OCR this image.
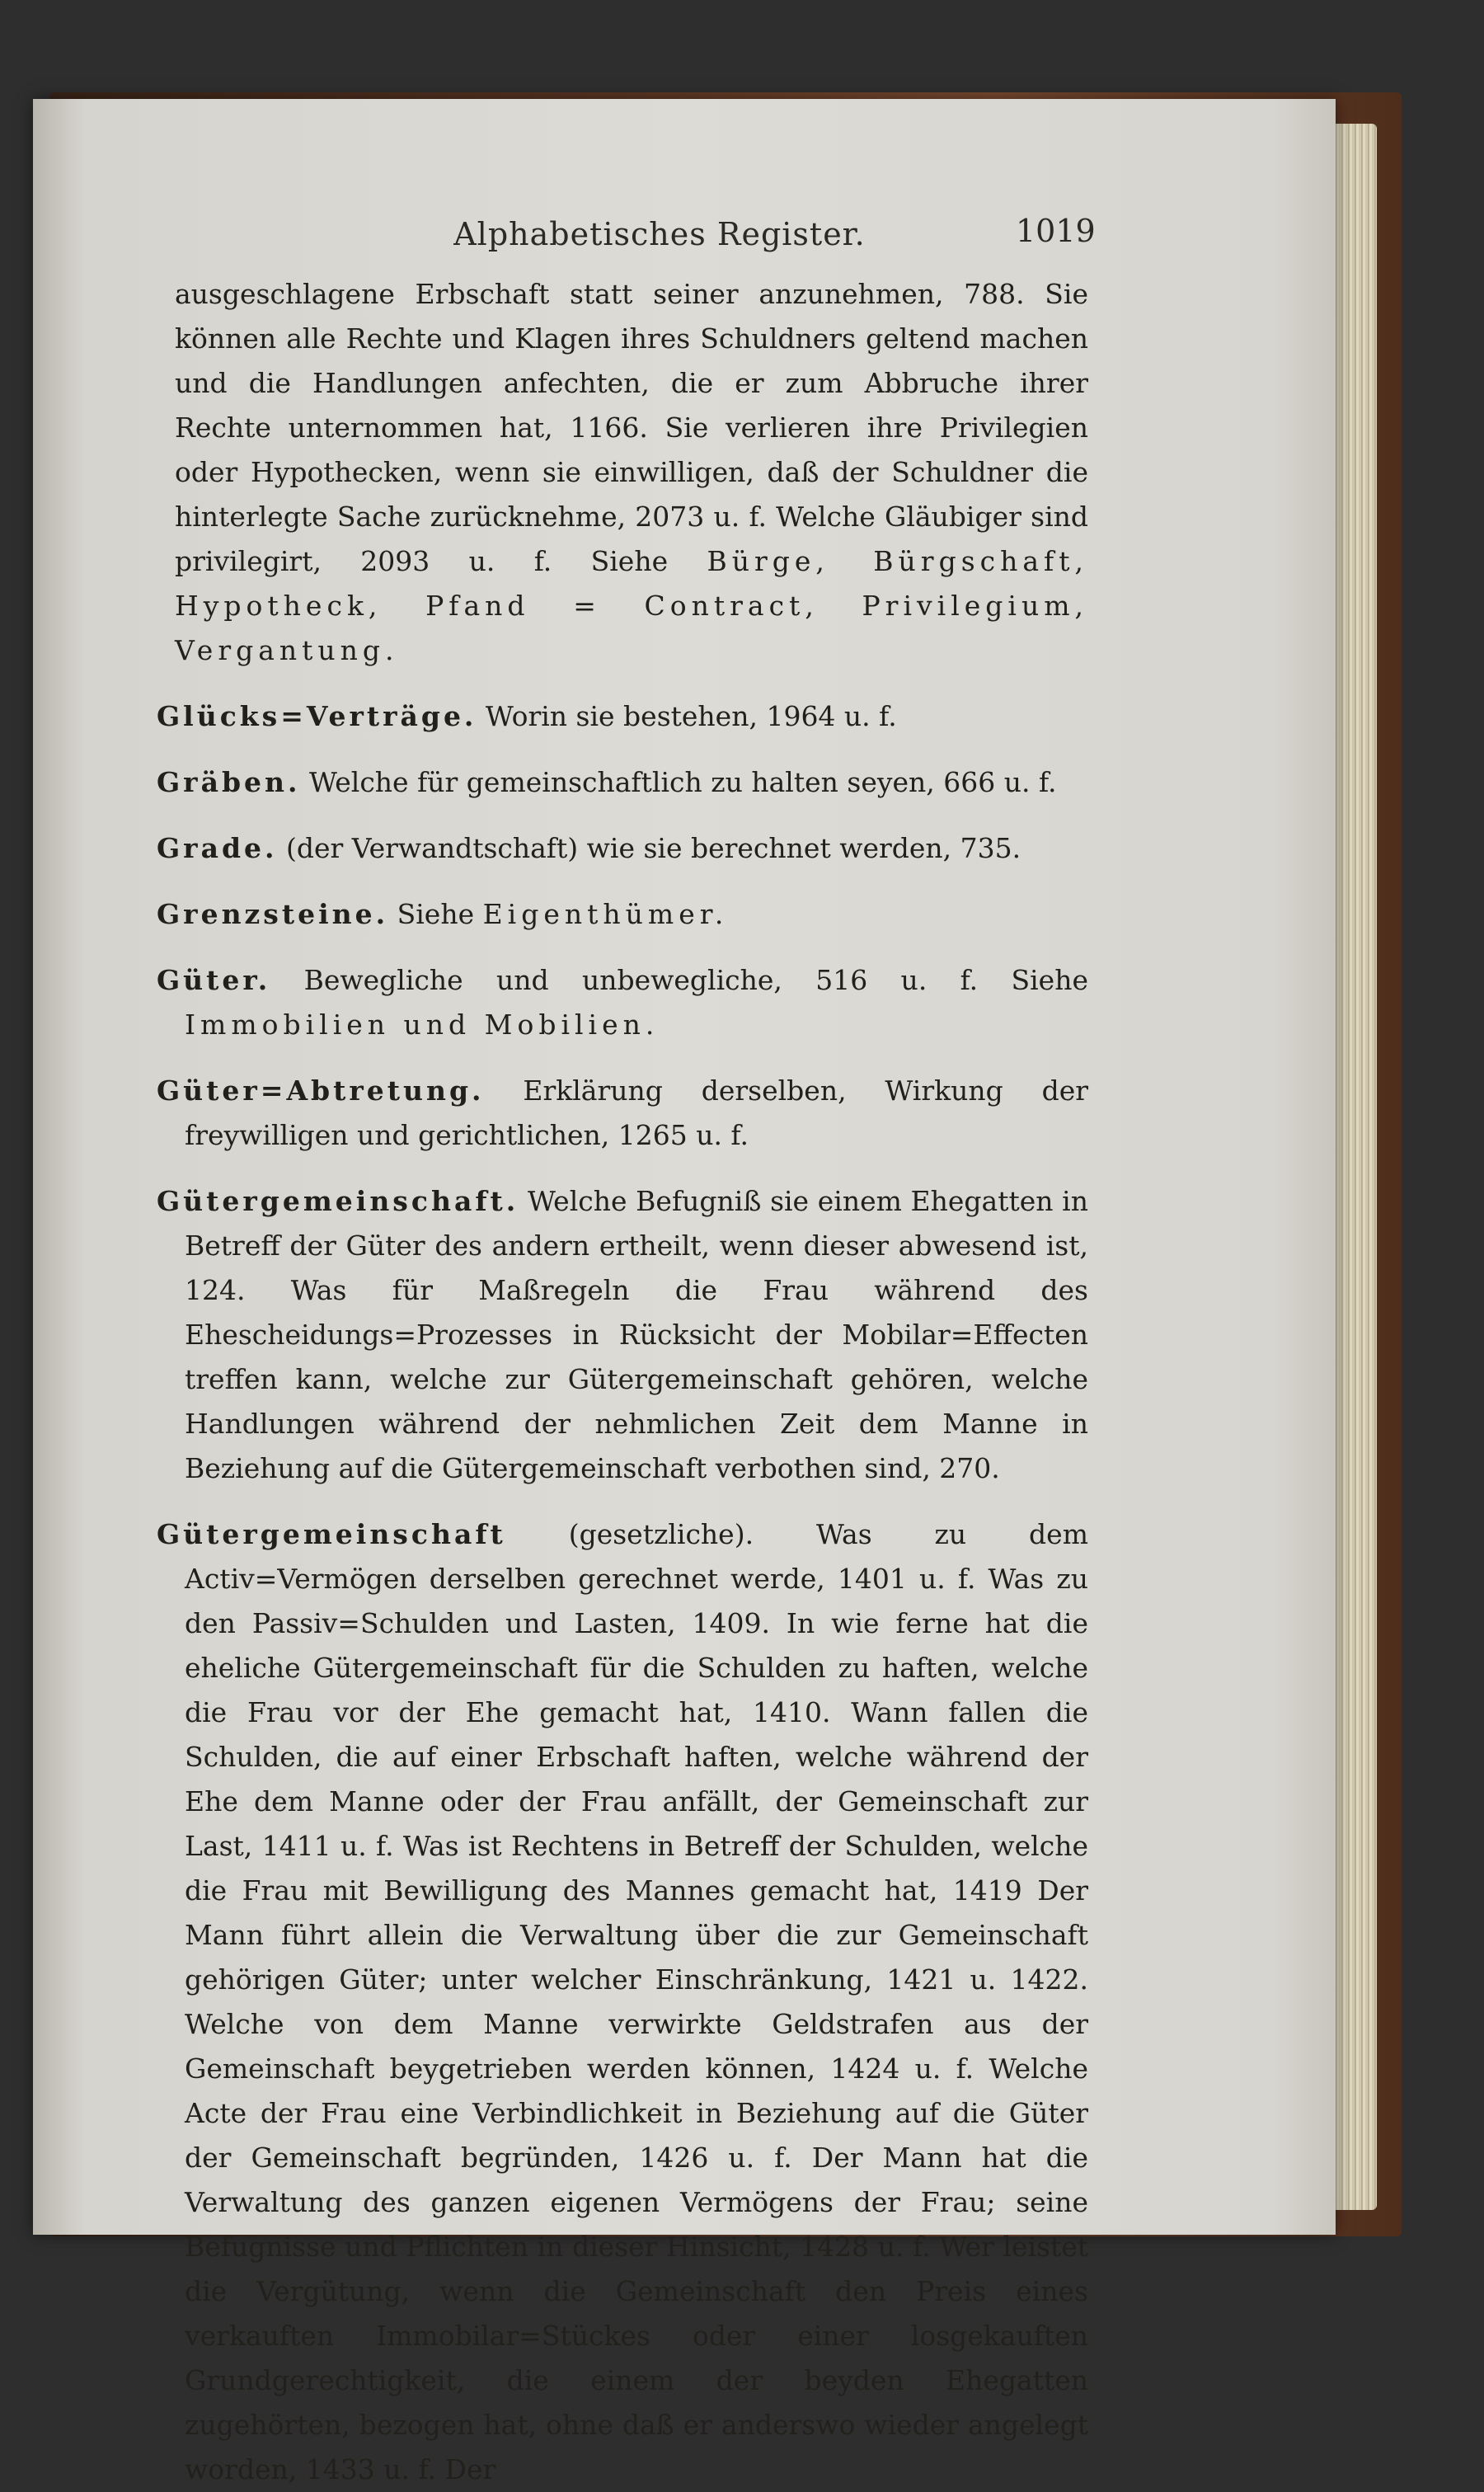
Alphabetisches Register.	1019

ausgeschlagene Erbschaft statt seiner anzunehmen, 788. Sie können alle Rechte und Klagen ihres Schuldners geltend machen und die Handlungen anfechten, die er zum Abbruche ihrer Rechte unternommen hat, 1166. Sie verlieren ihre Privilegien oder Hypothecken, wenn sie einwilligen, daß der Schuldner die hinterlegte Sache zurücknehme, 2073 u. f. Welche Gläubiger sind privilegirt, 2093 u. f. Siehe Bürge, Bürgschaft, Hypotheck, Pfand = Contract, Privilegium, Vergantung.

Glücks=Verträge. Worin sie bestehen, 1964 u. f.

Gräben. Welche für gemeinschaftlich zu halten seyen, 666 u. f.

Grade. (der Verwandtschaft) wie sie berechnet werden, 735.

Grenzsteine. Siehe Eigenthümer.

Güter. Bewegliche und unbewegliche, 516 u. f. Siehe Immobilien und Mobilien.

Güter=Abtretung. Erklärung derselben, Wirkung der freywilligen und gerichtlichen, 1265 u. f.

Gütergemeinschaft. Welche Befugniß sie einem Ehegatten in Betreff der Güter des andern ertheilt, wenn dieser abwesend ist, 124. Was für Maßregeln die Frau während des Ehescheidungs=Prozesses in Rücksicht der Mobilar=Effecten treffen kann, welche zur Gütergemeinschaft gehören, welche Handlungen während der nehmlichen Zeit dem Manne in Beziehung auf die Gütergemeinschaft verbothen sind, 270.

Gütergemeinschaft (gesetzliche). Was zu dem Activ=Vermögen derselben gerechnet werde, 1401 u. f. Was zu den Passiv=Schulden und Lasten, 1409. In wie ferne hat die eheliche Gütergemeinschaft für die Schulden zu haften, welche die Frau vor der Ehe gemacht hat, 1410. Wann fallen die Schulden, die auf einer Erbschaft haften, welche während der Ehe dem Manne oder der Frau anfällt, der Gemeinschaft zur Last, 1411 u. f. Was ist Rechtens in Betreff der Schulden, welche die Frau mit Bewilligung des Mannes gemacht hat, 1419 Der Mann führt allein die Verwaltung über die zur Gemeinschaft gehörigen Güter; unter welcher Einschränkung, 1421 u. 1422. Welche von dem Manne verwirkte Geldstrafen aus der Gemeinschaft beygetrieben werden können, 1424 u. f. Welche Acte der Frau eine Verbindlichkeit in Beziehung auf die Güter der Gemeinschaft begründen, 1426 u. f. Der Mann hat die Verwaltung des ganzen eigenen Vermögens der Frau; seine Befugnisse und Pflichten in dieser Hinsicht, 1428 u. f. Wer leistet die Vergütung, wenn die Gemeinschaft den Preis eines verkauften Immobilar=Stückes oder einer losgekauften Grundgerechtigkeit, die einem der beyden Ehegatten zugehörten, bezogen hat, ohne daß er anderswo wieder angelegt worden, 1433 u. f. Der
